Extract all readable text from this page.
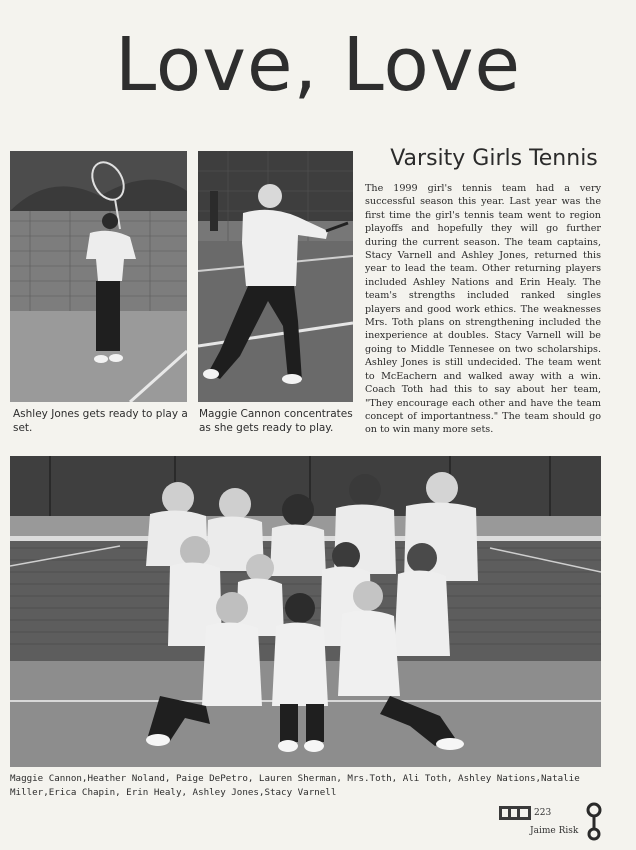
Love, Love
Ashley Jones gets ready to play a set.
Maggie Cannon concentrates as she gets ready to play.
Varsity Girls Tennis
The 1999 girl's tennis team had a very successful season this year. Last year was the first time the girl's tennis team went to region playoffs and hopefully they will go further during the current season. The team captains, Stacy Varnell and Ashley Jones, returned this year to lead the team. Other returning players included Ashley Nations and Erin Healy. The team's strengths included ranked singles players and good work ethics. The weaknesses Mrs. Toth plans on strengthening included the inexperience at doubles. Stacy Varnell will be going to Middle Tennesee on two scholarships. Ashley Jones is still undecided. The team went to McEachern and walked away with a win. Coach Toth had this to say about her team, "They encourage each other and have the team concept of importantness." The team should go on to win many more sets.
Maggie Cannon,Heather Noland, Paige DePetro, Lauren Sherman, Mrs.Toth, Ali Toth, Ashley Nations,Natalie Miller,Erica Chapin, Erin Healy, Ashley Jones,Stacy Varnell
223
Jaime Risk
